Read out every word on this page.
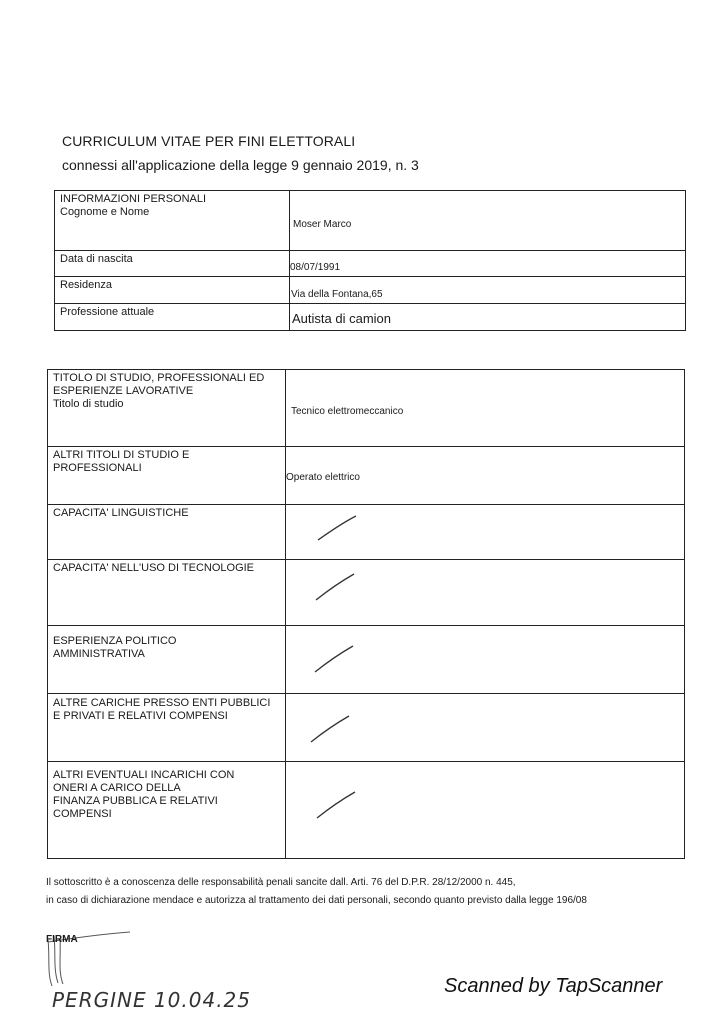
CURRICULUM VITAE PER FINI ELETTORALI
connessi all'applicazione della legge 9 gennaio 2019, n. 3
INFORMAZIONI PERSONALI
Cognome e Nome	Moser Marco

Data di nascita	08/07/1991

Residenza	Via della Fontana,65

Professione attuale	Autista di camion
TITOLO DI STUDIO, PROFESSIONALI ED
ESPERIENZE LAVORATIVE
Titolo di studio	Tecnico elettromeccanico

ALTRI TITOLI DI STUDIO E
PROFESSIONALI	Operato elettrico

CAPACITA' LINGUISTICHE

CAPACITA' NELL'USO DI TECNOLOGIE

ESPERIENZA POLITICO
AMMINISTRATIVA

ALTRE CARICHE PRESSO ENTI PUBBLICI
E PRIVATI E RELATIVI COMPENSI

ALTRI EVENTUALI INCARICHI CON
ONERI A CARICO DELLA
FINANZA PUBBLICA E RELATIVI
COMPENSI

Il sottoscritto è a conoscenza delle responsabilità penali sancite dall. Arti. 76 del D.P.R. 28/12/2000 n. 445,
in caso di dichiarazione mendace e autorizza al trattamento dei dati personali, secondo quanto previsto dalla legge 196/08
FIRMA
PERGINE 10.04.25
Scanned by TapScanner
